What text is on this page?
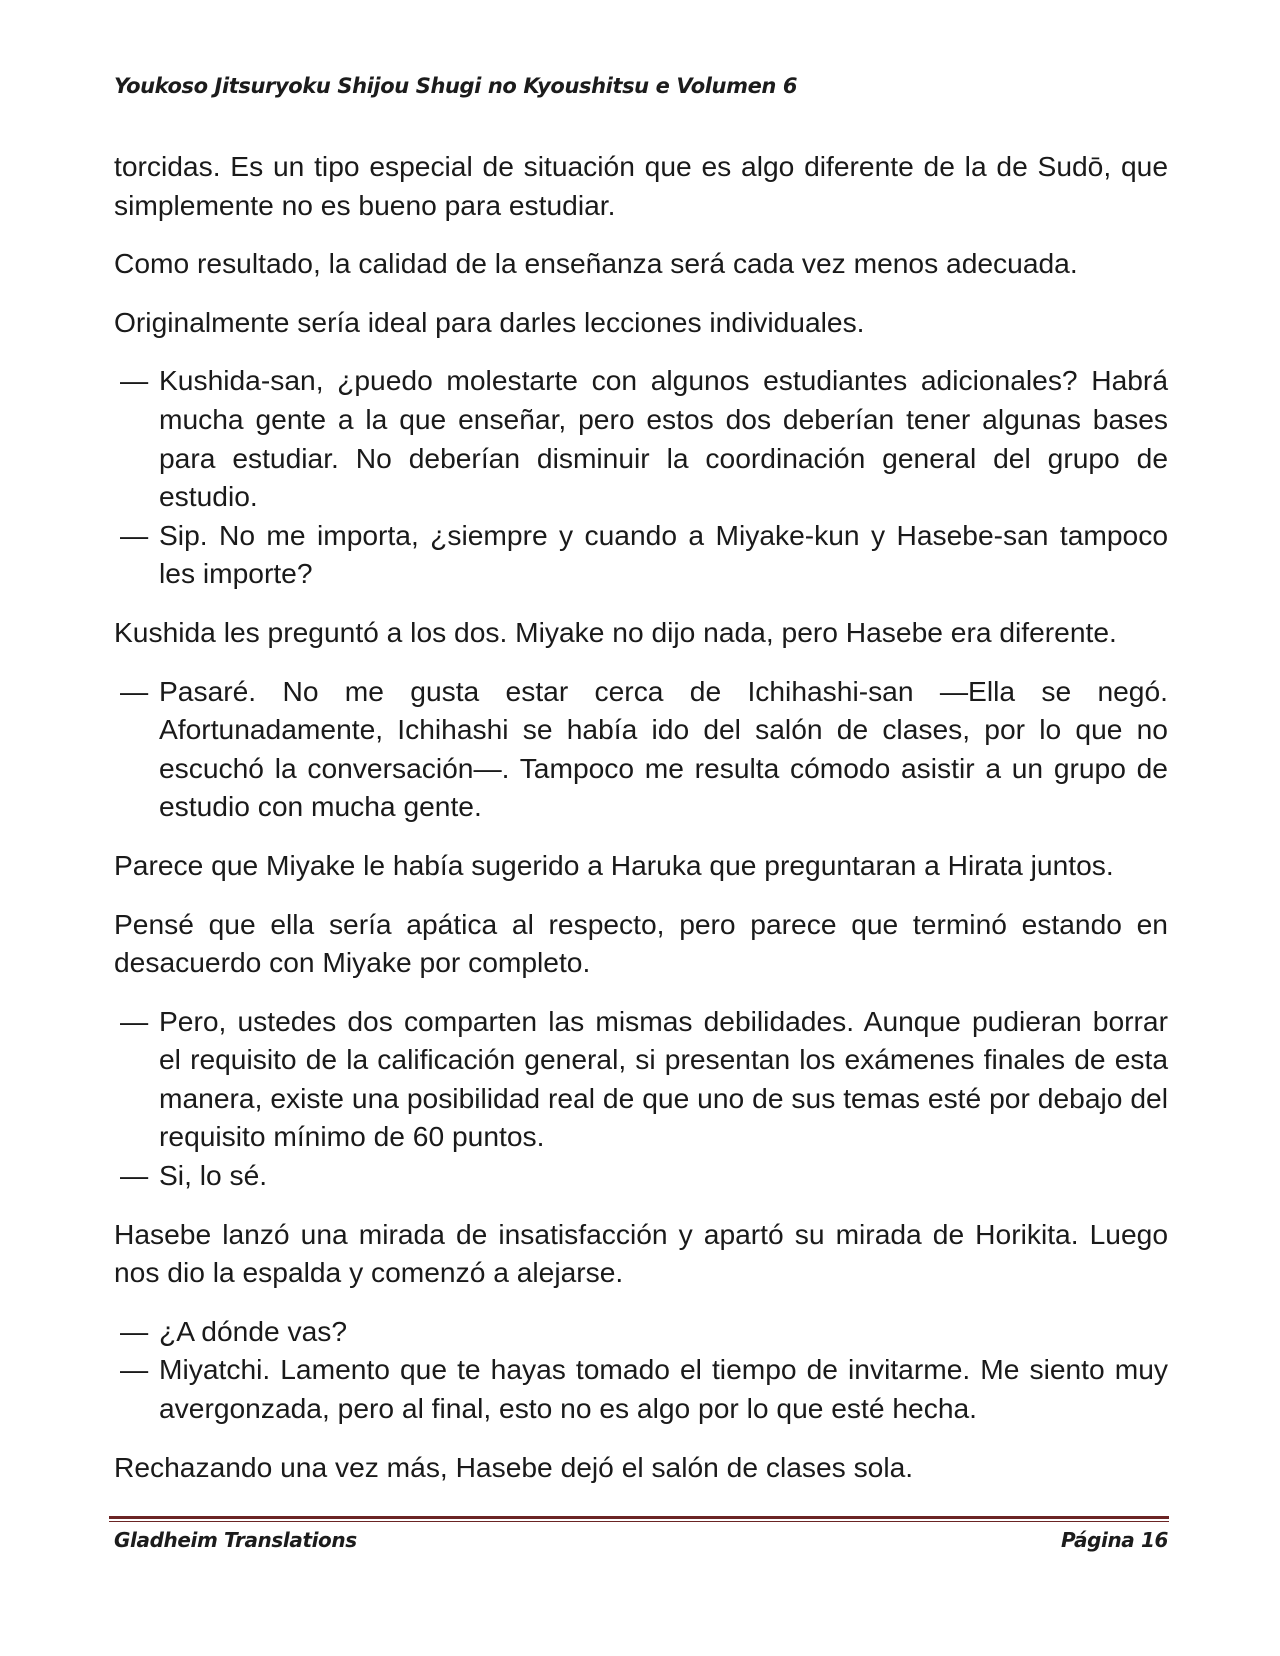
Youkoso Jitsuryoku Shijou Shugi no Kyoushitsu e Volumen 6

torcidas. Es un tipo especial de situación que es algo diferente de la de Sudō, que simplemente no es bueno para estudiar.

Como resultado, la calidad de la enseñanza será cada vez menos adecuada.

Originalmente sería ideal para darles lecciones individuales.

— Kushida-san, ¿puedo molestarte con algunos estudiantes adicionales? Habrá mucha gente a la que enseñar, pero estos dos deberían tener algunas bases para estudiar. No deberían disminuir la coordinación general del grupo de estudio.
— Sip. No me importa, ¿siempre y cuando a Miyake-kun y Hasebe-san tampoco les importe?

Kushida les preguntó a los dos. Miyake no dijo nada, pero Hasebe era diferente.

— Pasaré. No me gusta estar cerca de Ichihashi-san —Ella se negó. Afortunadamente, Ichihashi se había ido del salón de clases, por lo que no escuchó la conversación—. Tampoco me resulta cómodo asistir a un grupo de estudio con mucha gente.

Parece que Miyake le había sugerido a Haruka que preguntaran a Hirata juntos.

Pensé que ella sería apática al respecto, pero parece que terminó estando en desacuerdo con Miyake por completo.

— Pero, ustedes dos comparten las mismas debilidades. Aunque pudieran borrar el requisito de la calificación general, si presentan los exámenes finales de esta manera, existe una posibilidad real de que uno de sus temas esté por debajo del requisito mínimo de 60 puntos.
— Si, lo sé.

Hasebe lanzó una mirada de insatisfacción y apartó su mirada de Horikita. Luego nos dio la espalda y comenzó a alejarse.

— ¿A dónde vas?
— Miyatchi. Lamento que te hayas tomado el tiempo de invitarme. Me siento muy avergonzada, pero al final, esto no es algo por lo que esté hecha.

Rechazando una vez más, Hasebe dejó el salón de clases sola.

Gladheim Translations	Página 16
